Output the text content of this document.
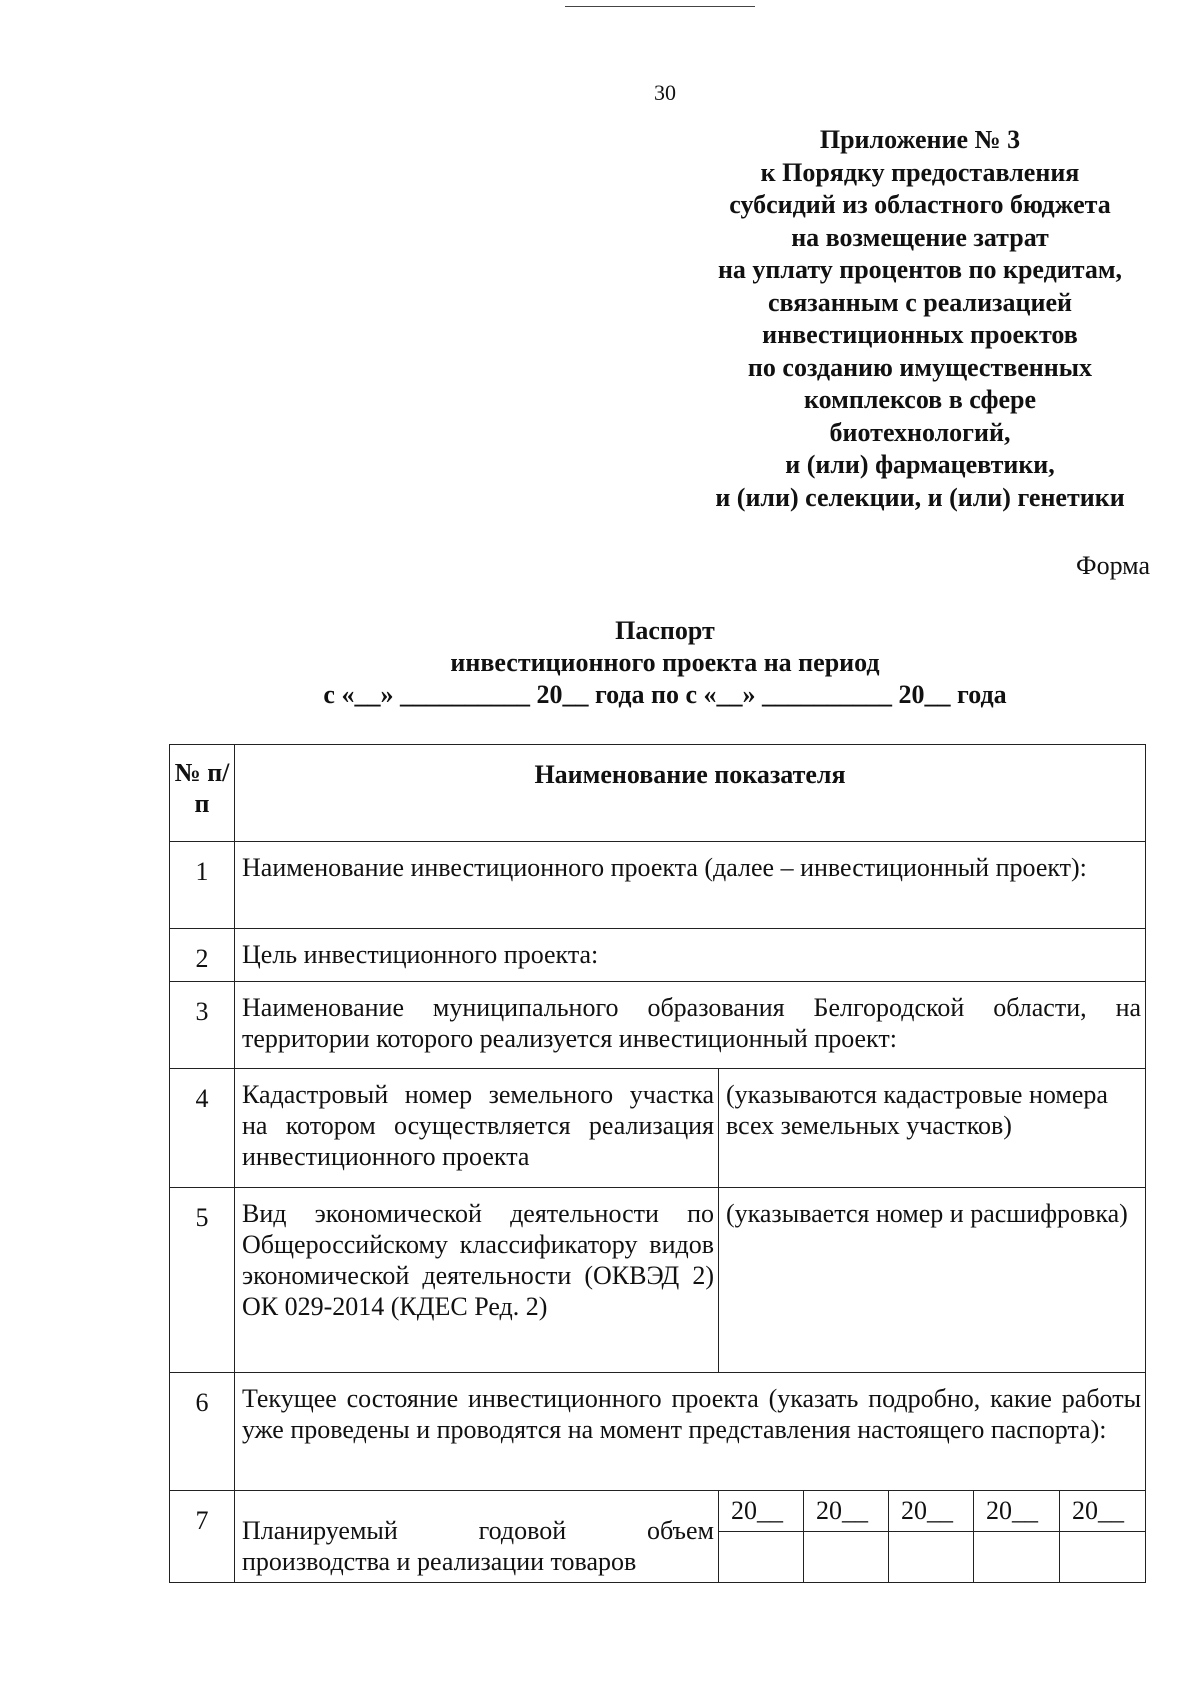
30
Приложение № 3
к Порядку предоставления
субсидий из областного бюджета
на возмещение затрат
на уплату процентов по кредитам,
связанным с реализацией
инвестиционных проектов
по созданию имущественных
комплексов в сфере
биотехнологий,
и (или) фармацевтики,
и (или) селекции, и (или) генетики
Форма
Паспорт
инвестиционного проекта на период
с «__» __________ 20__ года по с «__» __________ 20__ года
№ п/п	Наименование показателя					
1	Наименование инвестиционного проекта (далее – инвестиционный проект):					
2	Цель инвестиционного проекта:					
3	Наименование муниципального образования Белгородской области, на территории которого реализуется инвестиционный проект:					
4	Кадастровый номер земельного участка на котором осуществляется реализация инвестиционного проекта	(указываются кадастровые номера всех земельных участков)				
5	Вид экономической деятельности по Общероссийскому классификатору видов экономической деятельности (ОКВЭД 2) ОК 029-2014 (КДЕС Ред. 2)	(указывается номер и расшифровка)				
6	Текущее состояние инвестиционного проекта (указать подробно, какие работы уже проведены и проводятся на момент представления настоящего паспорта):					
7	Планируемый годовой объем производства и реализации товаров	20__	20__	20__	20__	20__
